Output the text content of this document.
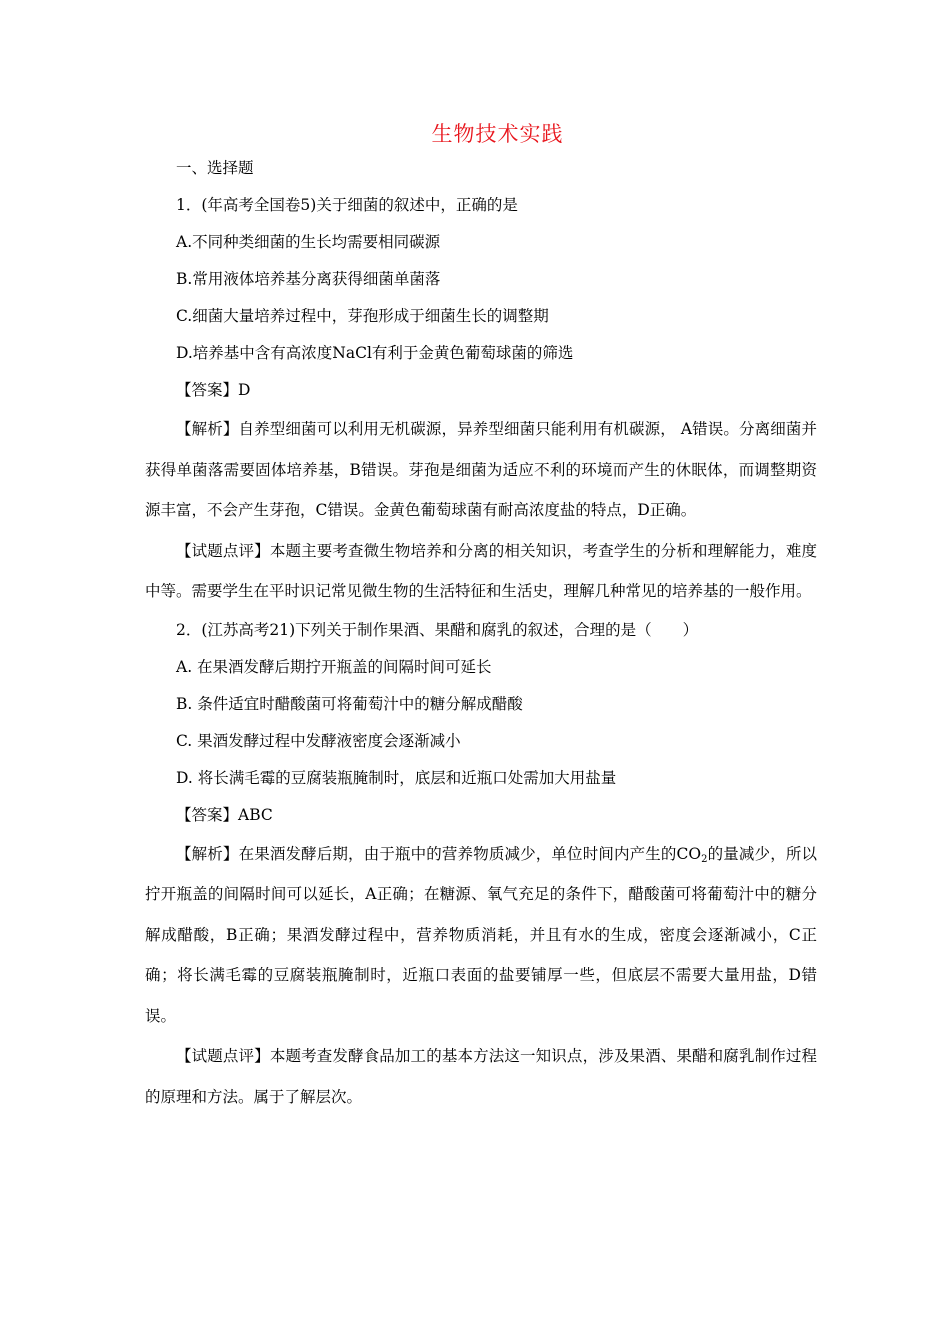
生物技术实践
一、选择题
1．(年高考全国卷5)关于细菌的叙述中，正确的是
A.不同种类细菌的生长均需要相同碳源
B.常用液体培养基分离获得细菌单菌落
C.细菌大量培养过程中，芽孢形成于细菌生长的调整期
D.培养基中含有高浓度NaCl有利于金黄色葡萄球菌的筛选
【答案】D

【解析】自养型细菌可以利用无机碳源，异养型细菌只能利用有机碳源， A错误。分离细菌并获得单菌落需要固体培养基，B错误。芽孢是细菌为适应不利的环境而产生的休眠体，而调整期资源丰富，不会产生芽孢，C错误。金黄色葡萄球菌有耐高浓度盐的特点，D正确。

【试题点评】本题主要考查微生物培养和分离的相关知识，考查学生的分析和理解能力，难度中等。需要学生在平时识记常见微生物的生活特征和生活史，理解几种常见的培养基的一般作用。

2．(江苏高考21)下列关于制作果酒、果醋和腐乳的叙述，合理的是（　　）
A. 在果酒发酵后期拧开瓶盖的间隔时间可延长
B. 条件适宜时醋酸菌可将葡萄汁中的糖分解成醋酸
C. 果酒发酵过程中发酵液密度会逐渐减小
D. 将长满毛霉的豆腐装瓶腌制时，底层和近瓶口处需加大用盐量
【答案】ABC

【解析】在果酒发酵后期，由于瓶中的营养物质减少，单位时间内产生的$CO_2$的量减少，所以拧开瓶盖的间隔时间可以延长，A正确；在糖源、氧气充足的条件下，醋酸菌可将葡萄汁中的糖分解成醋酸，B正确；果酒发酵过程中，营养物质消耗，并且有水的生成，密度会逐渐减小，C正确；将长满毛霉的豆腐装瓶腌制时，近瓶口表面的盐要铺厚一些，但底层不需要大量用盐，D错误。

【试题点评】本题考查发酵食品加工的基本方法这一知识点，涉及果酒、果醋和腐乳制作过程的原理和方法。属于了解层次。
